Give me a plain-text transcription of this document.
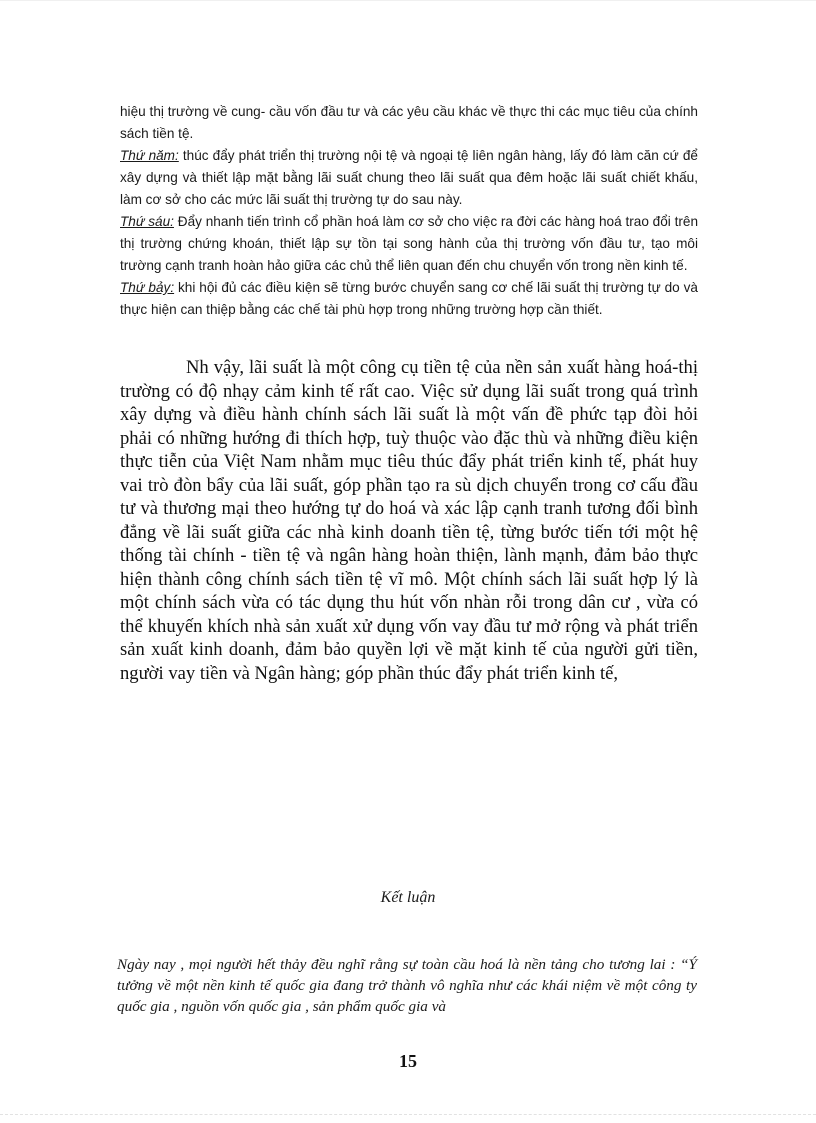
hiệu thị trường về cung- cầu vốn đầu tư và các yêu cầu khác về thực thi các mục tiêu của chính sách tiền tệ.

Thứ năm: thúc đẩy phát triển thị trường nội tệ và ngoại tệ liên ngân hàng, lấy đó làm căn cứ để xây dựng và thiết lập mặt bằng lãi suất chung theo lãi suất qua đêm hoặc lãi suất chiết khấu, làm cơ sở cho các mức lãi suất thị trường tự do sau này.

Thứ sáu: Đẩy nhanh tiến trình cổ phần hoá làm cơ sở cho việc ra đời các hàng hoá trao đổi trên thị trường chứng khoán, thiết lập sự tồn tại song hành của thị trường vốn đầu tư, tạo môi trường cạnh tranh hoàn hảo giữa các chủ thể liên quan đến chu chuyển vốn trong nền kinh tế.

Thứ bảy: khi hội đủ các điều kiện sẽ từng bước chuyển sang cơ chế lãi suất thị trường tự do và thực hiện can thiệp bằng các chế tài phù hợp trong những trường hợp cần thiết.

Nh vậy, lãi suất là một công cụ tiền tệ của nền sản xuất hàng hoá-thị trường có độ nhạy cảm kinh tế rất cao. Việc sử dụng lãi suất trong quá trình xây dựng và điều hành chính sách lãi suất là một vấn đề phức tạp đòi hỏi phải có những hướng đi thích hợp, tuỳ thuộc vào đặc thù và những điều kiện thực tiễn của Việt Nam nhằm mục tiêu thúc đẩy phát triển kinh tế, phát huy vai trò đòn bẩy của lãi suất, góp phần tạo ra sù dịch chuyển trong cơ cấu đầu tư và thương mại theo hướng tự do hoá và xác lập cạnh tranh tương đối bình đẳng về lãi suất giữa các nhà kinh doanh tiền tệ, từng bước tiến tới một hệ thống tài chính - tiền tệ và ngân hàng hoàn thiện, lành mạnh, đảm bảo thực hiện thành công chính sách tiền tệ vĩ mô. Một chính sách lãi suất hợp lý là một chính sách vừa có tác dụng thu hút vốn nhàn rỗi trong dân cư , vừa có thể khuyến khích nhà sản xuất xử dụng vốn vay đầu tư mở rộng và phát triển sản xuất kinh doanh, đảm bảo quyền lợi về mặt kinh tế của người gửi tiền, người vay tiền và Ngân hàng; góp phần thúc đẩy phát triển kinh tế,

Kết luận

Ngày nay , mọi người hết thảy đều nghĩ rằng sự toàn cầu hoá là nền tảng cho tương lai : “Ý tưởng về một nền kinh tế quốc gia đang trở thành vô nghĩa như các khái niệm về một công ty quốc gia , nguồn vốn quốc gia , sản phẩm quốc gia và

15
